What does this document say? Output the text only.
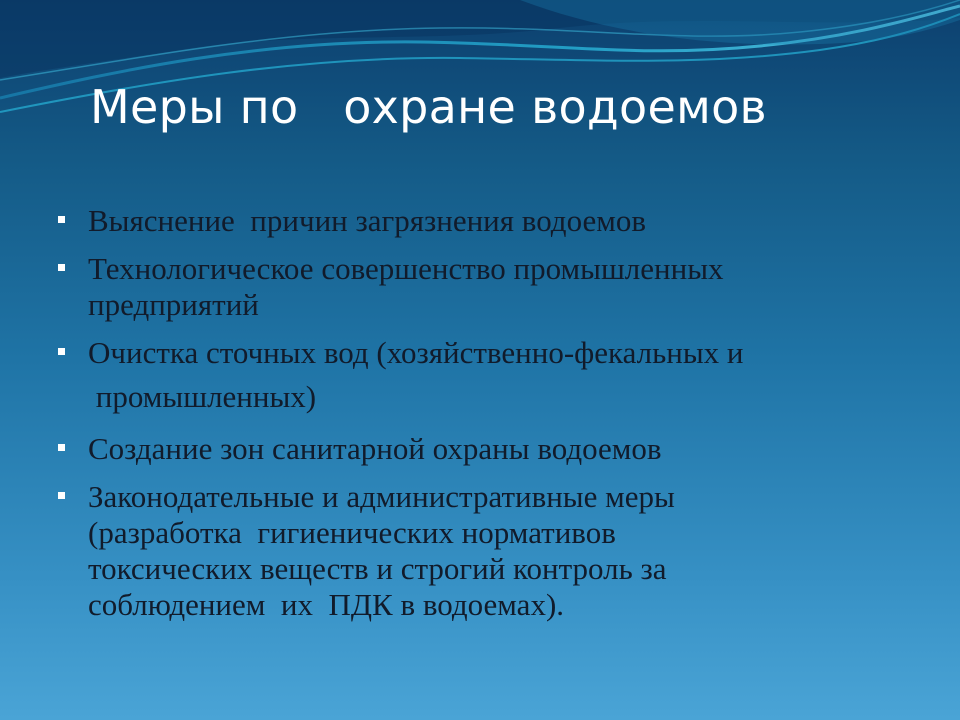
Меры по   охране водоемов
Выяснение  причин загрязнения водоемов
Технологическое совершенство промышленных
предприятий
Очистка сточных вод (хозяйственно-фекальных и
промышленных)
Создание зон санитарной охраны водоемов
Законодательные и административные меры
(разработка  гигиенических нормативов
токсических веществ и строгий контроль за
соблюдением  их  ПДК в водоемах).
